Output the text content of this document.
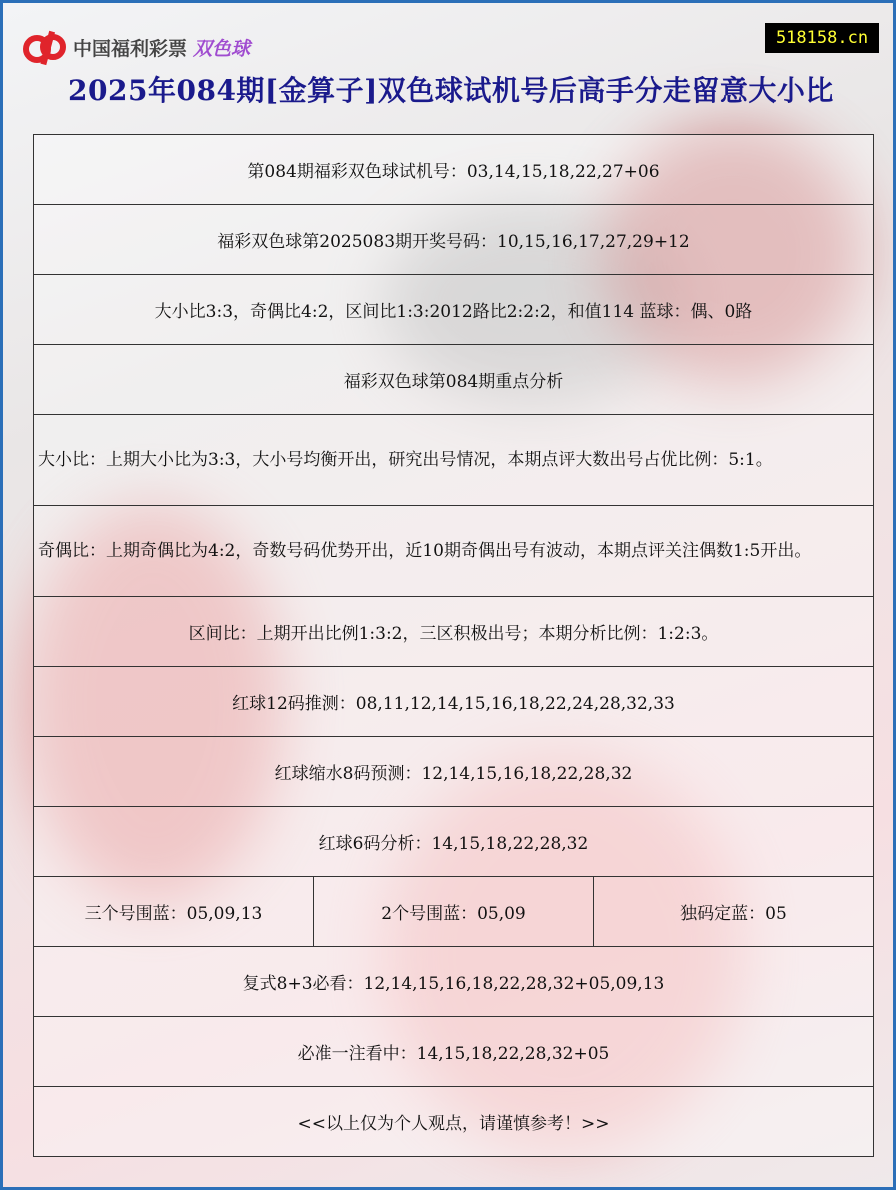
中国福利彩票 双色球	518158.cn
2025年084期[金算子]双色球试机号后高手分走留意大小比
第084期福彩双色球试机号：03,14,15,18,22,27+06
福彩双色球第2025083期开奖号码：10,15,16,17,27,29+12
大小比3:3，奇偶比4:2，区间比1:3:2012路比2:2:2，和值114 蓝球：偶、0路
福彩双色球第084期重点分析
大小比：上期大小比为3:3，大小号均衡开出，研究出号情况，本期点评大数出号占优比例：5:1。
奇偶比：上期奇偶比为4:2，奇数号码优势开出，近10期奇偶出号有波动，本期点评关注偶数1:5开出。
区间比：上期开出比例1:3:2，三区积极出号；本期分析比例：1:2:3。
红球12码推测：08,11,12,14,15,16,18,22,24,28,32,33
红球缩水8码预测：12,14,15,16,18,22,28,32
红球6码分析：14,15,18,22,28,32
三个号围蓝：05,09,13	2个号围蓝：05,09	独码定蓝：05
复式8+3必看：12,14,15,16,18,22,28,32+05,09,13
必准一注看中：14,15,18,22,28,32+05
<<以上仅为个人观点，请谨慎参考！>>
